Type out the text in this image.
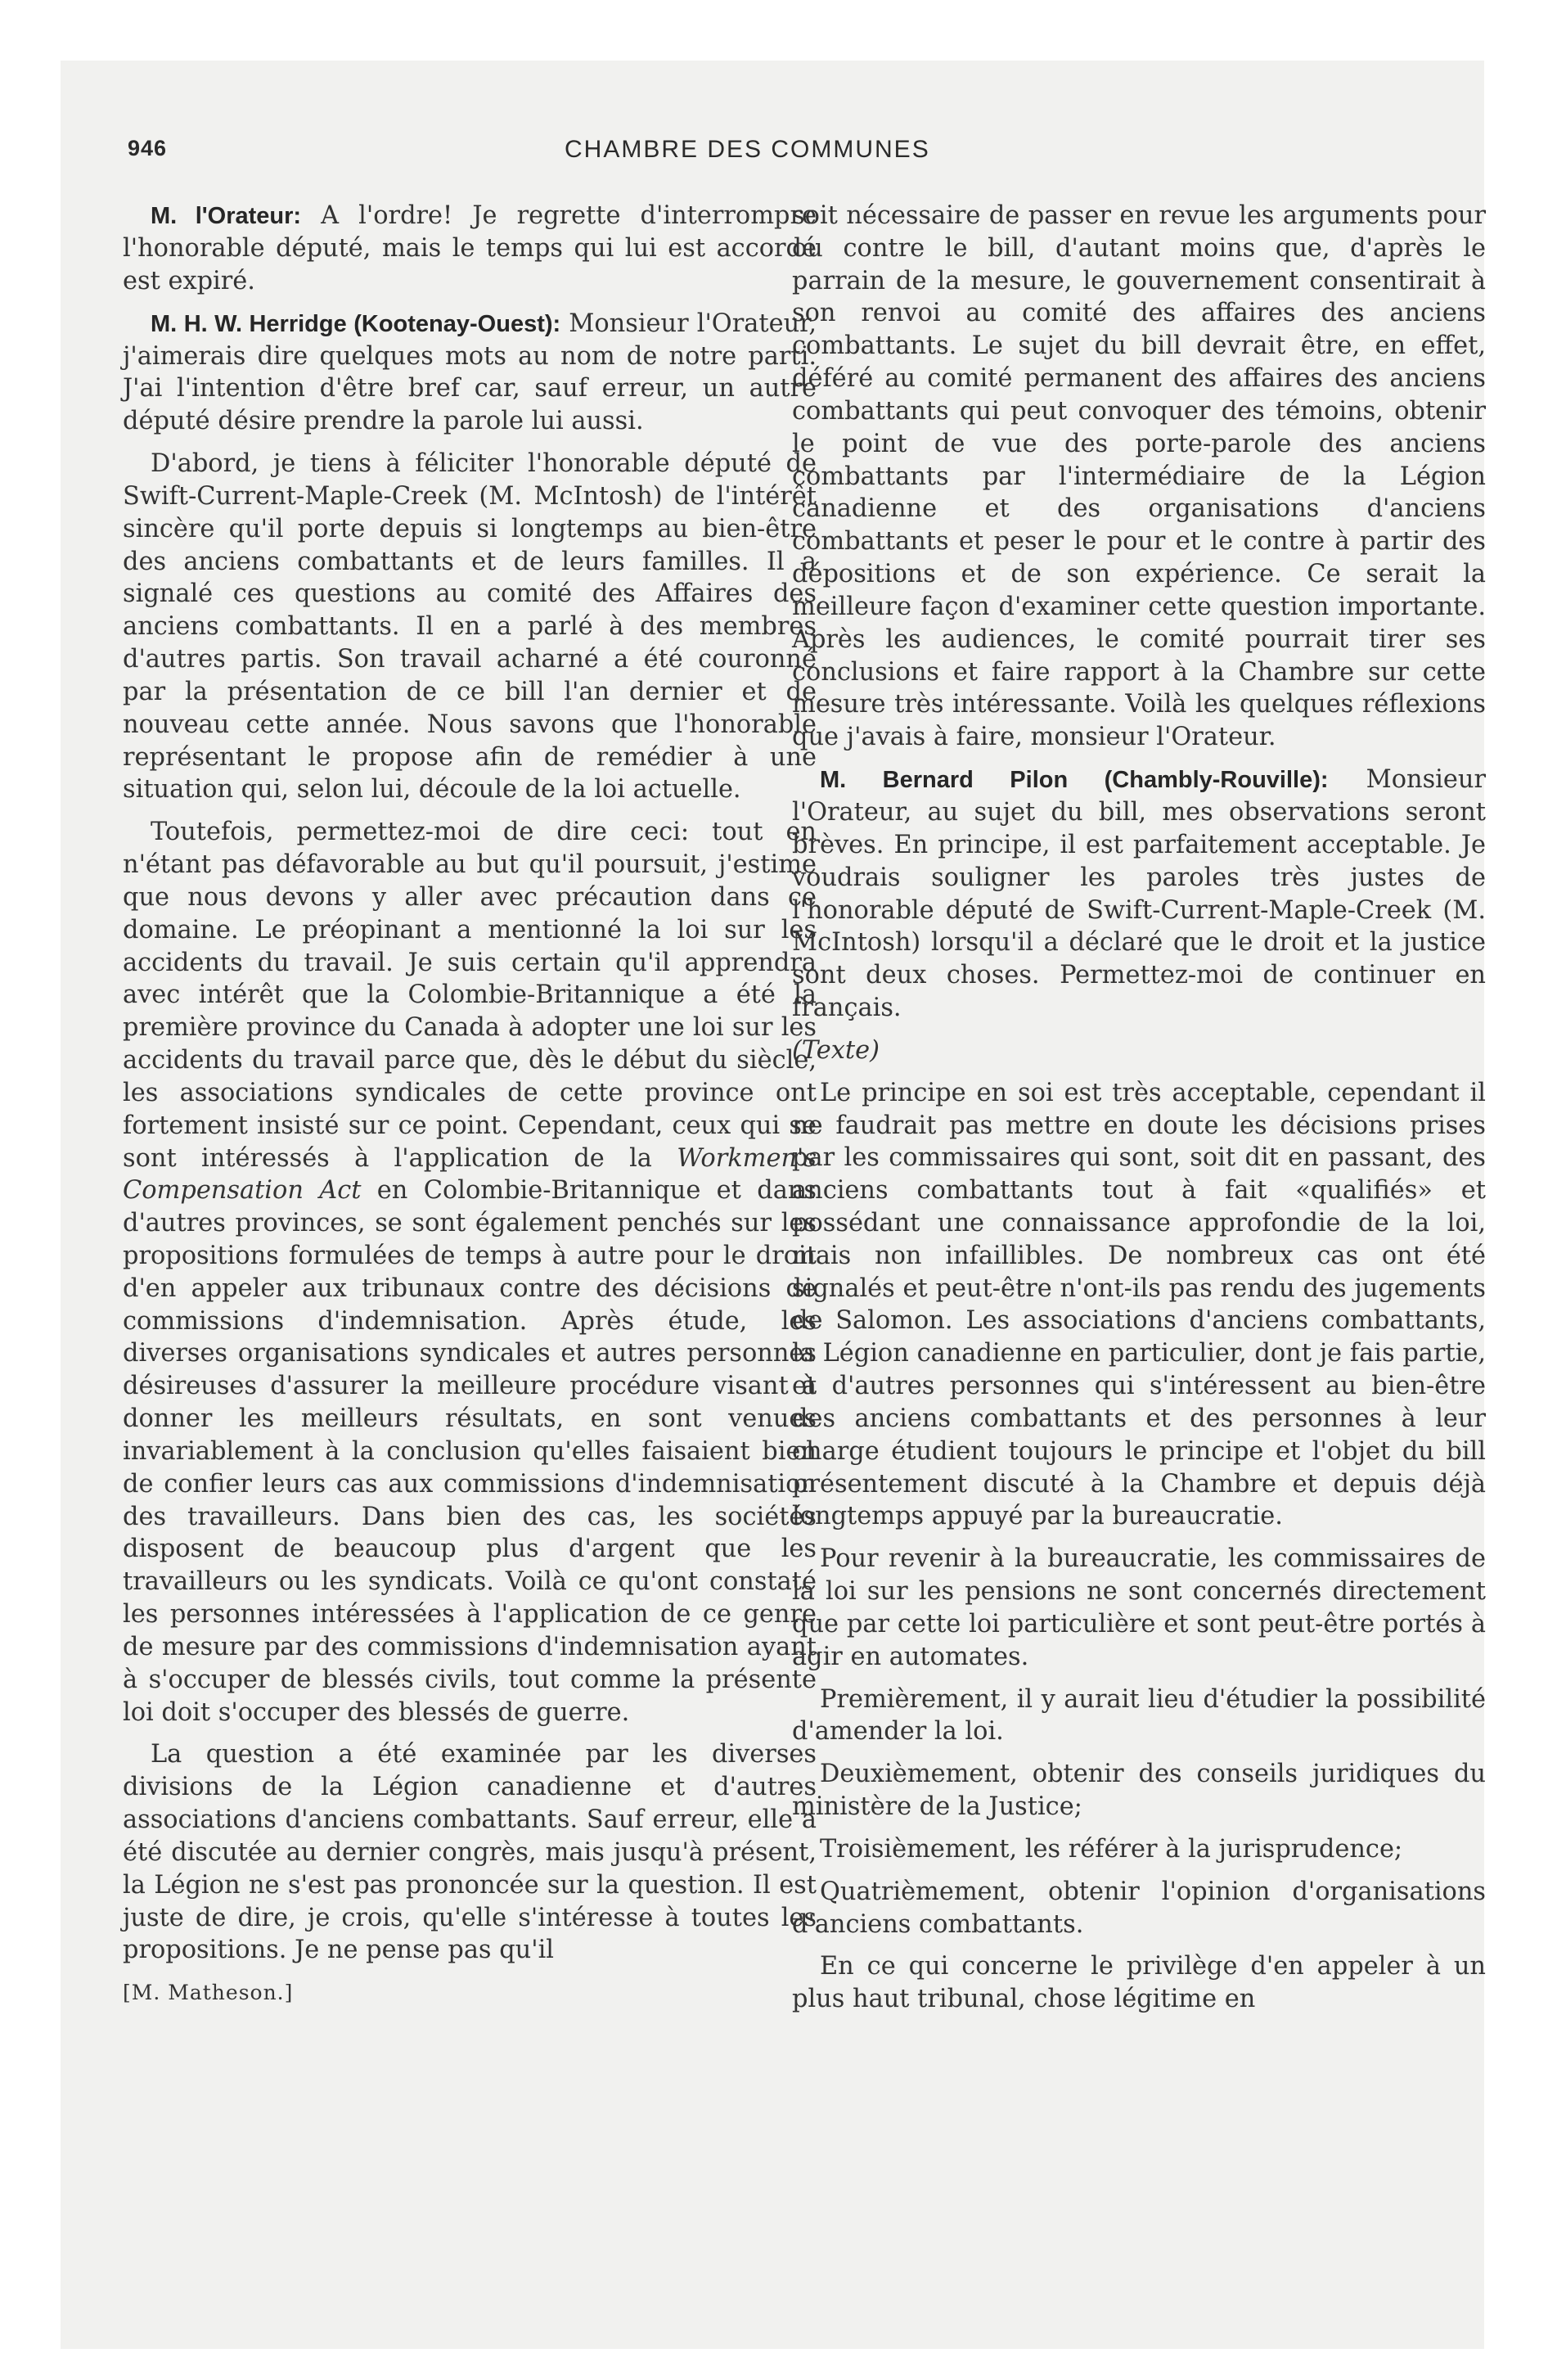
946	CHAMBRE DES COMMUNES

M. l'Orateur: A l'ordre! Je regrette d'interrompre l'honorable député, mais le temps qui lui est accordé est expiré.

M. H. W. Herridge (Kootenay-Ouest): Monsieur l'Orateur, j'aimerais dire quelques mots au nom de notre parti. J'ai l'intention d'être bref car, sauf erreur, un autre député désire prendre la parole lui aussi.

D'abord, je tiens à féliciter l'honorable député de Swift-Current-Maple-Creek (M. McIntosh) de l'intérêt sincère qu'il porte depuis si longtemps au bien-être des anciens combattants et de leurs familles. Il a signalé ces questions au comité des Affaires des anciens combattants. Il en a parlé à des membres d'autres partis. Son travail acharné a été couronné par la présentation de ce bill l'an dernier et de nouveau cette année. Nous savons que l'honorable représentant le propose afin de remédier à une situation qui, selon lui, découle de la loi actuelle.

Toutefois, permettez-moi de dire ceci: tout en n'étant pas défavorable au but qu'il poursuit, j'estime que nous devons y aller avec précaution dans ce domaine. Le préopinant a mentionné la loi sur les accidents du travail. Je suis certain qu'il apprendra avec intérêt que la Colombie-Britannique a été la première province du Canada à adopter une loi sur les accidents du travail parce que, dès le début du siècle, les associations syndicales de cette province ont fortement insisté sur ce point. Cependant, ceux qui se sont intéressés à l'application de la Workmen's Compensation Act en Colombie-Britannique et dans d'autres provinces, se sont également penchés sur les propositions formulées de temps à autre pour le droit d'en appeler aux tribunaux contre des décisions de commissions d'indemnisation. Après étude, les diverses organisations syndicales et autres personnes désireuses d'assurer la meilleure procédure visant à donner les meilleurs résultats, en sont venues invariablement à la conclusion qu'elles faisaient bien de confier leurs cas aux commissions d'indemnisation des travailleurs. Dans bien des cas, les sociétés disposent de beaucoup plus d'argent que les travailleurs ou les syndicats. Voilà ce qu'ont constaté les personnes intéressées à l'application de ce genre de mesure par des commissions d'indemnisation ayant à s'occuper de blessés civils, tout comme la présente loi doit s'occuper des blessés de guerre.

La question a été examinée par les diverses divisions de la Légion canadienne et d'autres associations d'anciens combattants. Sauf erreur, elle a été discutée au dernier congrès, mais jusqu'à présent, la Légion ne s'est pas prononcée sur la question. Il est juste de dire, je crois, qu'elle s'intéresse à toutes les propositions. Je ne pense pas qu'il

[M. Matheson.]

soit nécessaire de passer en revue les arguments pour ou contre le bill, d'autant moins que, d'après le parrain de la mesure, le gouvernement consentirait à son renvoi au comité des affaires des anciens combattants. Le sujet du bill devrait être, en effet, déféré au comité permanent des affaires des anciens combattants qui peut convoquer des témoins, obtenir le point de vue des porte-parole des anciens combattants par l'intermédiaire de la Légion canadienne et des organisations d'anciens combattants et peser le pour et le contre à partir des dépositions et de son expérience. Ce serait la meilleure façon d'examiner cette question importante. Après les audiences, le comité pourrait tirer ses conclusions et faire rapport à la Chambre sur cette mesure très intéressante. Voilà les quelques réflexions que j'avais à faire, monsieur l'Orateur.

M. Bernard Pilon (Chambly-Rouville): Monsieur l'Orateur, au sujet du bill, mes observations seront brèves. En principe, il est parfaitement acceptable. Je voudrais souligner les paroles très justes de l'honorable député de Swift-Current-Maple-Creek (M. McIntosh) lorsqu'il a déclaré que le droit et la justice sont deux choses. Permettez-moi de continuer en français.

(Texte)

Le principe en soi est très acceptable, cependant il ne faudrait pas mettre en doute les décisions prises par les commissaires qui sont, soit dit en passant, des anciens combattants tout à fait «qualifiés» et possédant une connaissance approfondie de la loi, mais non infaillibles. De nombreux cas ont été signalés et peut-être n'ont-ils pas rendu des jugements de Salomon. Les associations d'anciens combattants, la Légion canadienne en particulier, dont je fais partie, et d'autres personnes qui s'intéressent au bien-être des anciens combattants et des personnes à leur charge étudient toujours le principe et l'objet du bill présentement discuté à la Chambre et depuis déjà longtemps appuyé par la bureaucratie.

Pour revenir à la bureaucratie, les commissaires de la loi sur les pensions ne sont concernés directement que par cette loi particulière et sont peut-être portés à agir en automates.

Premièrement, il y aurait lieu d'étudier la possibilité d'amender la loi.

Deuxièmement, obtenir des conseils juridiques du ministère de la Justice;

Troisièmement, les référer à la jurisprudence;

Quatrièmement, obtenir l'opinion d'organisations d'anciens combattants.

En ce qui concerne le privilège d'en appeler à un plus haut tribunal, chose légitime en
